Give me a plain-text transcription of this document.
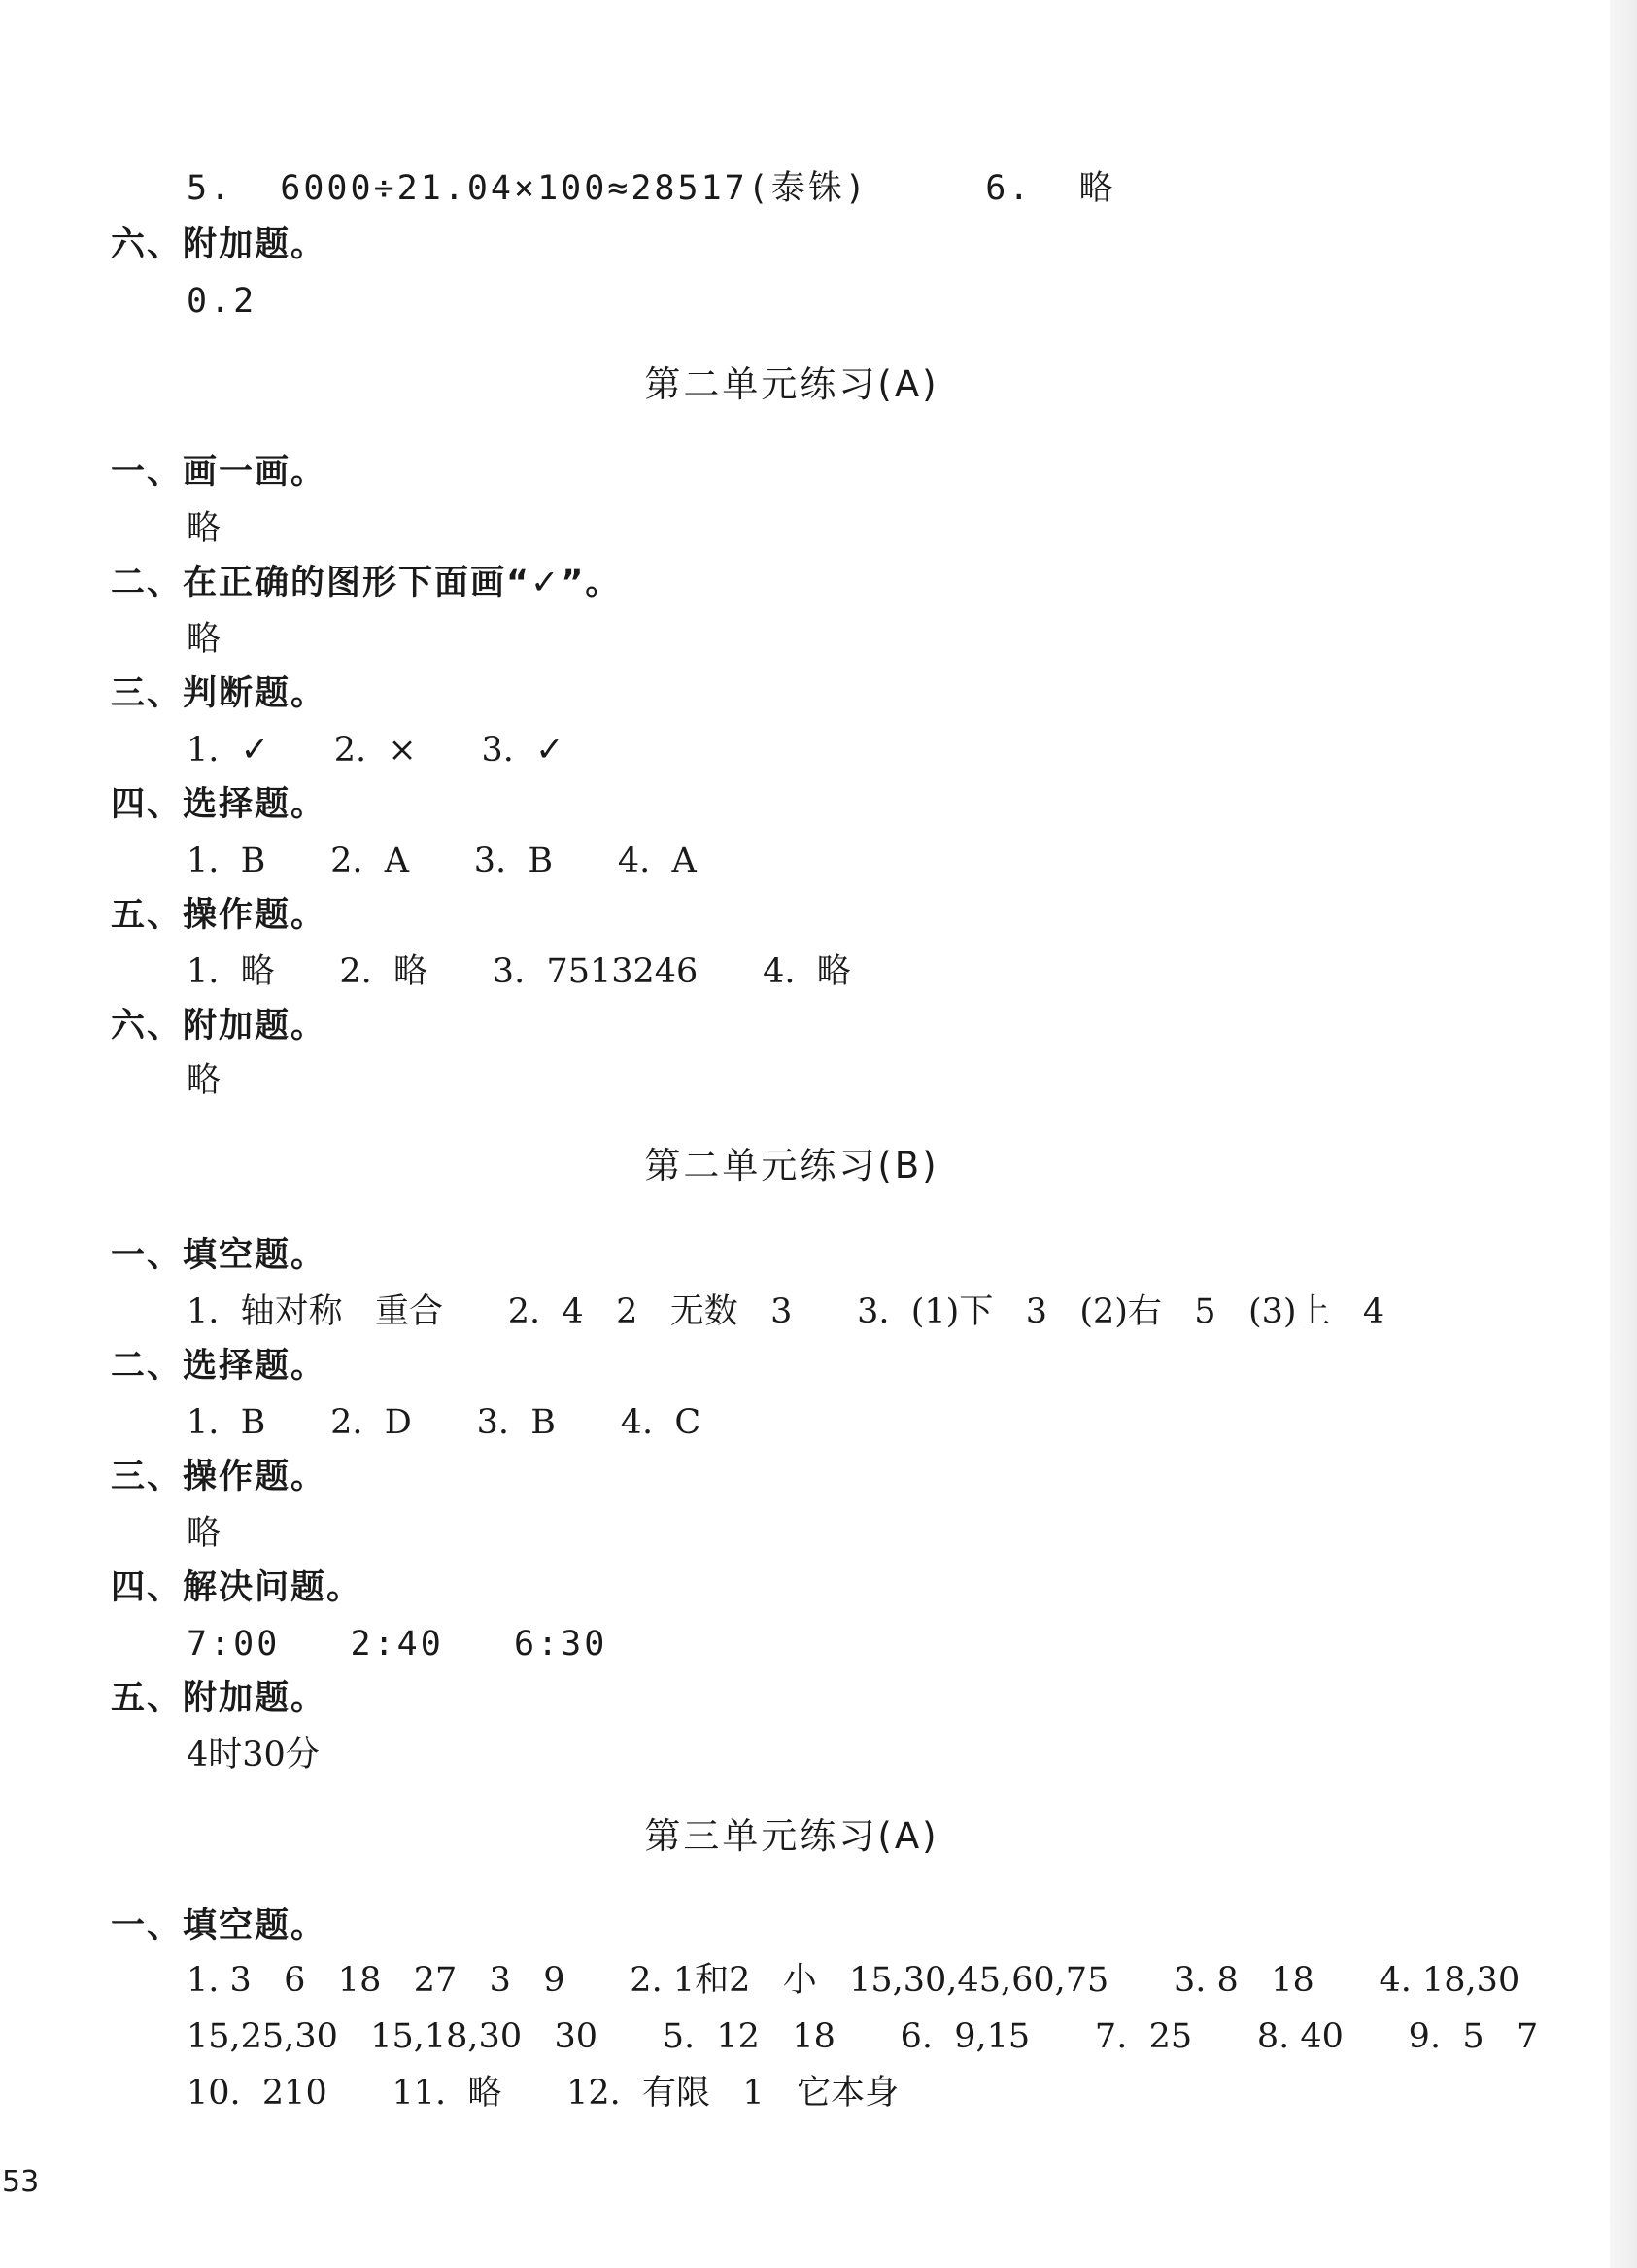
5.  6000÷21.04×100≈28517(泰铢)     6.  略
六、附加题。
0.2
第二单元练习(A)
一、画一画。
略
二、在正确的图形下面画“✓”。
略
三、判断题。
1.  ✓      2.  ×      3.  ✓
四、选择题。
1.  B      2.  A      3.  B      4.  A
五、操作题。
1.  略      2.  略      3.  7513246      4.  略
六、附加题。
略
第二单元练习(B)
一、填空题。
1.  轴对称   重合      2.  4   2   无数   3      3.  (1)下   3   (2)右   5   (3)上   4
二、选择题。
1.  B      2.  D      3.  B      4.  C
三、操作题。
略
四、解决问题。
7:00   2:40   6:30
五、附加题。
4时30分
第三单元练习(A)
一、填空题。
1. 3   6   18   27   3   9      2. 1和2   小   15,30,45,60,75      3. 8   18      4. 18,30
15,25,30   15,18,30   30      5.  12   18      6.  9,15      7.  25      8. 40      9.  5   7
10.  210      11.  略      12.  有限   1   它本身
53
